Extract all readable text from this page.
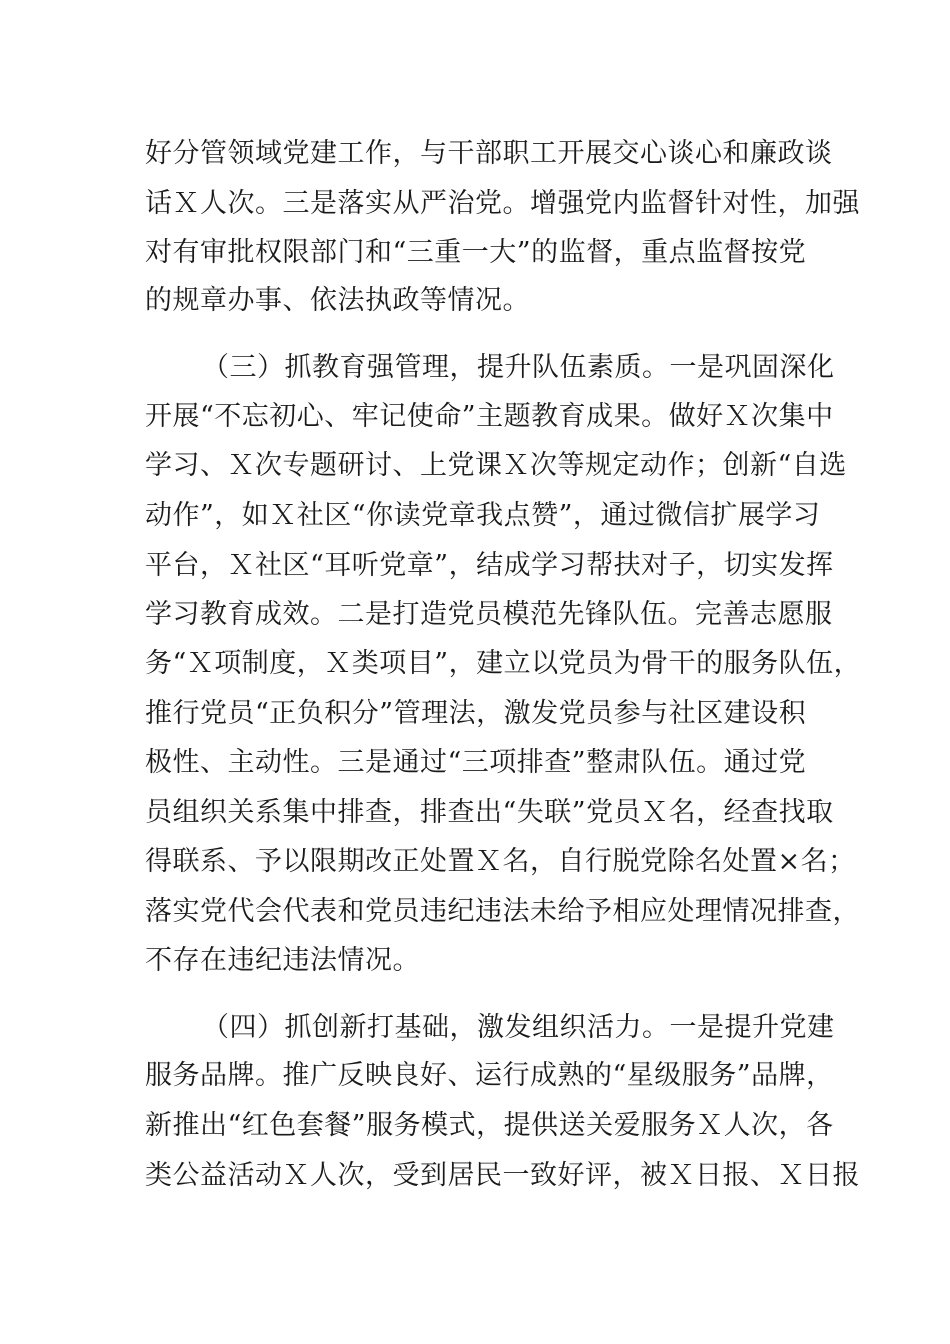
好分管领域党建工作，与干部职工开展交心谈心和廉政谈

话Ｘ人次。三是落实从严治党。增强党内监督针对性，加强

对有审批权限部门和“三重一大”的监督，重点监督按党

的规章办事、依法执政等情况。

（三）抓教育强管理，提升队伍素质。一是巩固深化

开展“不忘初心、牢记使命”主题教育成果。做好Ｘ次集中

学习、Ｘ次专题研讨、上党课Ｘ次等规定动作；创新“自选

动作”，如Ｘ社区“你读党章我点赞”，通过微信扩展学习

平台，Ｘ社区“耳听党章”，结成学习帮扶对子，切实发挥

学习教育成效。二是打造党员模范先锋队伍。完善志愿服

务“Ｘ项制度，Ｘ类项目”，建立以党员为骨干的服务队伍，

推行党员“正负积分”管理法，激发党员参与社区建设积

极性、主动性。三是通过“三项排查”整肃队伍。通过党

员组织关系集中排查，排查出“失联”党员Ｘ名，经查找取

得联系、予以限期改正处置Ｘ名，自行脱党除名处置×名；

落实党代会代表和党员违纪违法未给予相应处理情况排查，

不存在违纪违法情况。

（四）抓创新打基础，激发组织活力。一是提升党建

服务品牌。推广反映良好、运行成熟的“星级服务”品牌，

新推出“红色套餐”服务模式，提供送关爱服务Ｘ人次，各

类公益活动Ｘ人次，受到居民一致好评，被Ｘ日报、Ｘ日报
